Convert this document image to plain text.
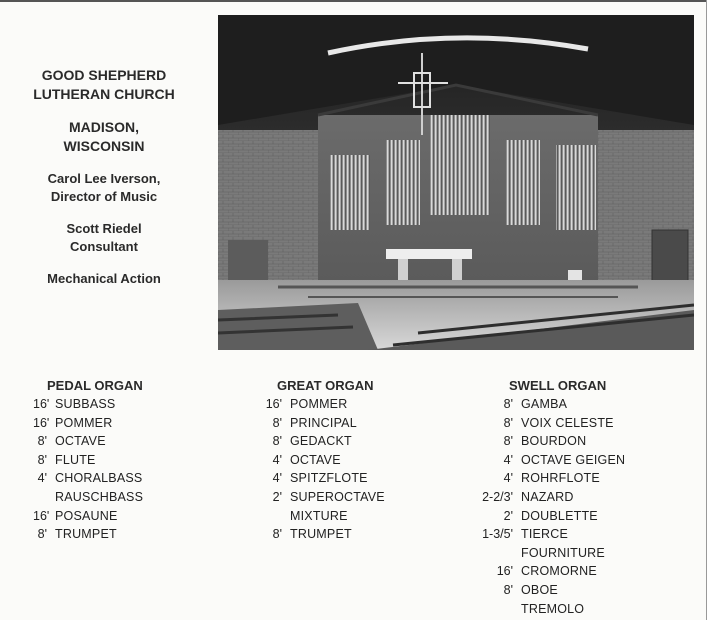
GOOD SHEPHERD
LUTHERAN CHURCH
MADISON,
WISCONSIN
Carol Lee Iverson,
Director of Music
Scott Riedel
Consultant
Mechanical Action
PEDAL ORGAN
16' SUBBASS
16' POMMER
8' OCTAVE
8' FLUTE
4' CHORALBASS
RAUSCHBASS
16' POSAUNE
8' TRUMPET
GREAT ORGAN
16' POMMER
8' PRINCIPAL
8' GEDACKT
4' OCTAVE
4' SPITZFLOTE
2' SUPEROCTAVE
MIXTURE
8' TRUMPET
SWELL ORGAN
8' GAMBA
8' VOIX CELESTE
8' BOURDON
4' OCTAVE GEIGEN
4' ROHRFLOTE
2-2/3' NAZARD
2' DOUBLETTE
1-3/5' TIERCE
FOURNITURE
16' CROMORNE
8' OBOE
TREMOLO
